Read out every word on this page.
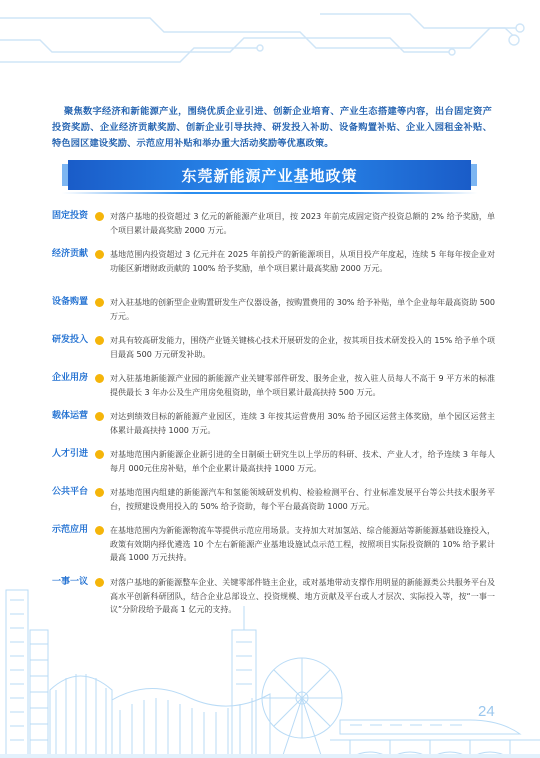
聚焦数字经济和新能源产业，围绕优质企业引进、创新企业培育、产业生态搭建等内容，出台固定资产投资奖励、企业经济贡献奖励、创新企业引导扶持、研发投入补助、设备购置补贴、企业入园租金补贴、特色园区建设奖励、示范应用补贴和举办重大活动奖励等优惠政策。
东莞新能源产业基地政策
固定投资	对落户基地的投资超过 3 亿元的新能源产业项目，按 2023 年前完成固定资产投资总额的 2% 给予奖励，单个项目累计最高奖励 2000 万元。
经济贡献	基地范围内投资超过 3 亿元并在 2025 年前投产的新能源项目，从项目投产年度起，连续 5 年每年按企业对功能区新增财政贡献的 100% 给予奖励，单个项目累计最高奖励 2000 万元。
设备购置	对入驻基地的创新型企业购置研发生产仪器设备，按购置费用的 30% 给予补贴，单个企业每年最高资助 500 万元。
研发投入	对具有较高研发能力，围绕产业链关键核心技术开展研发的企业，按其项目技术研发投入的 15% 给予单个项目最高 500 万元研发补助。
企业用房	对入驻基地新能源产业园的新能源产业关键零部件研发、服务企业，按入驻人员每人不高于 9 平方米的标准提供最长 3 年办公及生产用房免租资助，单个项目累计最高扶持 500 万元。
载体运营	对达到绩效目标的新能源产业园区，连续 3 年按其运营费用 30% 给予园区运营主体奖励，单个园区运营主体累计最高扶持 1000 万元。
人才引进	对基地范围内新能源企业新引进的全日制硕士研究生以上学历的科研、技术、产业人才，给予连续 3 年每人每月 000元住房补贴，单个企业累计最高扶持 1000 万元。
公共平台	对基地范围内组建的新能源汽车和氢能领域研发机构、检验检测平台、行业标准发展平台等公共技术服务平台，按照建设费用投入的 50% 给予资助，每个平台最高资助 1000 万元。
示范应用	在基地范围内为新能源物流车等提供示范应用场景。支持加大对加氢站、综合能源站等新能源基础设施投入，政策有效期内择优遴选 10 个左右新能源产业基地设施试点示范工程，按照项目实际投资额的 10% 给予累计最高 1000 万元扶持。
一事一议	对落户基地的新能源整车企业、关键零部件链主企业，或对基地带动支撑作用明显的新能源类公共服务平台及高水平创新科研团队，结合企业总部设立、投资规模、地方贡献及平台或人才层次、实际投入等，按“一事一议”分阶段给予最高 1 亿元的支持。
24
